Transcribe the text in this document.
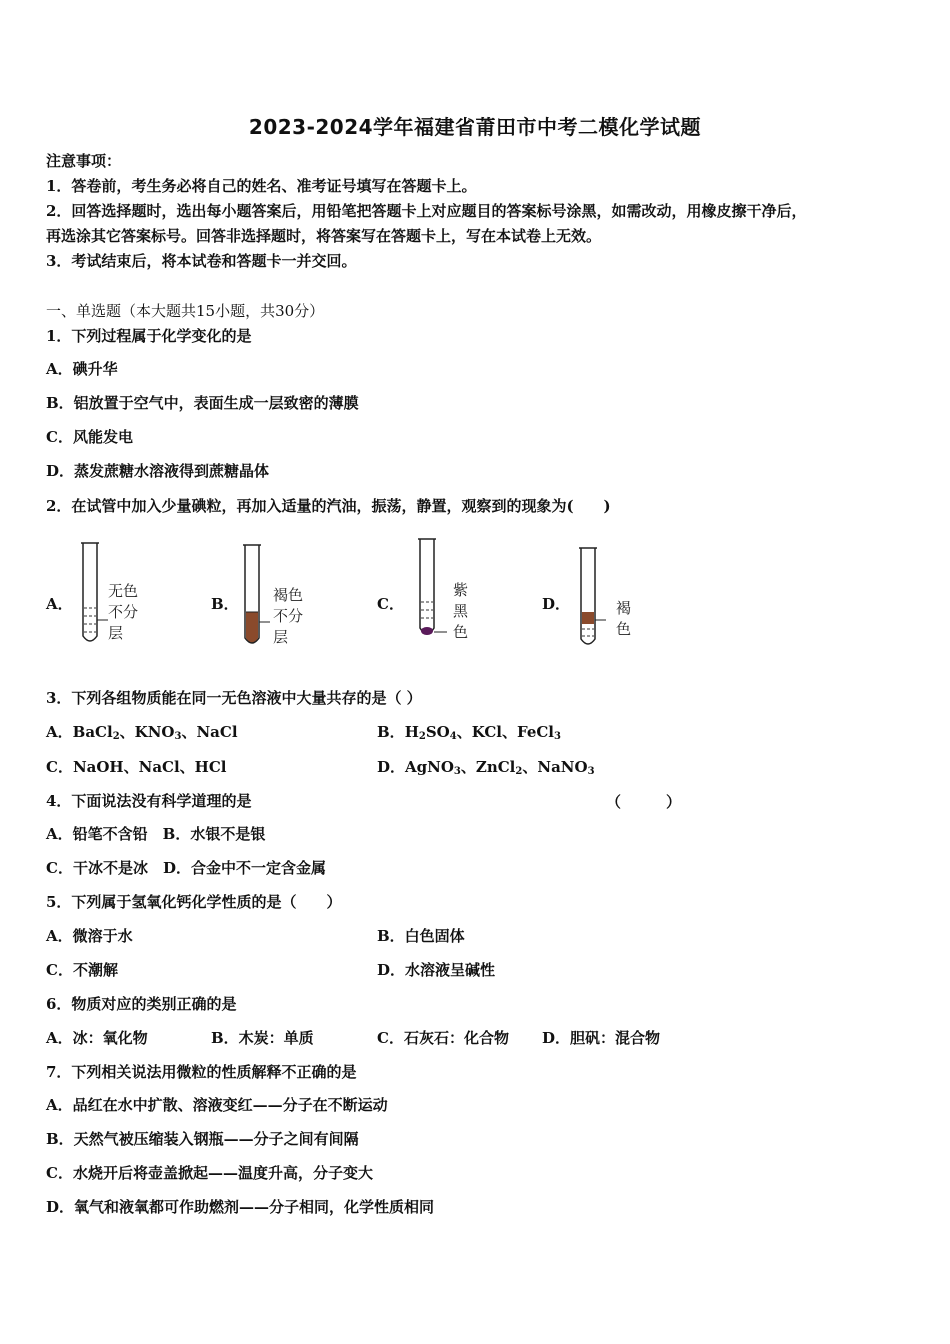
2023-2024学年福建省莆田市中考二模化学试题
注意事项：
1．答卷前，考生务必将自己的姓名、准考证号填写在答题卡上。
2．回答选择题时，选出每小题答案后，用铅笔把答题卡上对应题目的答案标号涂黑，如需改动，用橡皮擦干净后，
再选涂其它答案标号。回答非选择题时，将答案写在答题卡上，写在本试卷上无效。
3．考试结束后，将本试卷和答题卡一并交回。
一、单选题（本大题共15小题，共30分）
1．下列过程属于化学变化的是
A．碘升华
B．铝放置于空气中，表面生成一层致密的薄膜
C．风能发电
D．蒸发蔗糖水溶液得到蔗糖晶体
2．在试管中加入少量碘粒，再加入适量的汽油，振荡，静置，观察到的现象为(　　)
A．
无色
不分
层
B． 褐色
不分
层
C．
紫
黑
色
D．	褐
色
3．下列各组物质能在同一无色溶液中大量共存的是（ ）
A．BaCl$_2$、$KNO_3$、NaCl	B．$H_2SO_4$、KCl、FeCl$_3$
C．NaOH、NaCl、HCl	D．AgNO$_3$、ZnCl$_2$、NaNO$_3$
4．下面说法没有科学道理的是	（　　　）
A．铅笔不含铅　B．水银不是银
C．干冰不是冰　D．合金中不一定含金属
5．下列属于氢氧化钙化学性质的是（　　）
A．微溶于水	B．白色固体
C．不潮解	D．水溶液呈碱性
6．物质对应的类别正确的是
A．冰：氧化物	B．木炭：单质	C．石灰石：化合物 D．胆矾：混合物
7．下列相关说法用微粒的性质解释不正确的是
A．品红在水中扩散、溶液变红——分子在不断运动
B．天然气被压缩装入钢瓶——分子之间有间隔
C．水烧开后将壶盖掀起——温度升高，分子变大
D．氧气和液氧都可作助燃剂——分子相同，化学性质相同
